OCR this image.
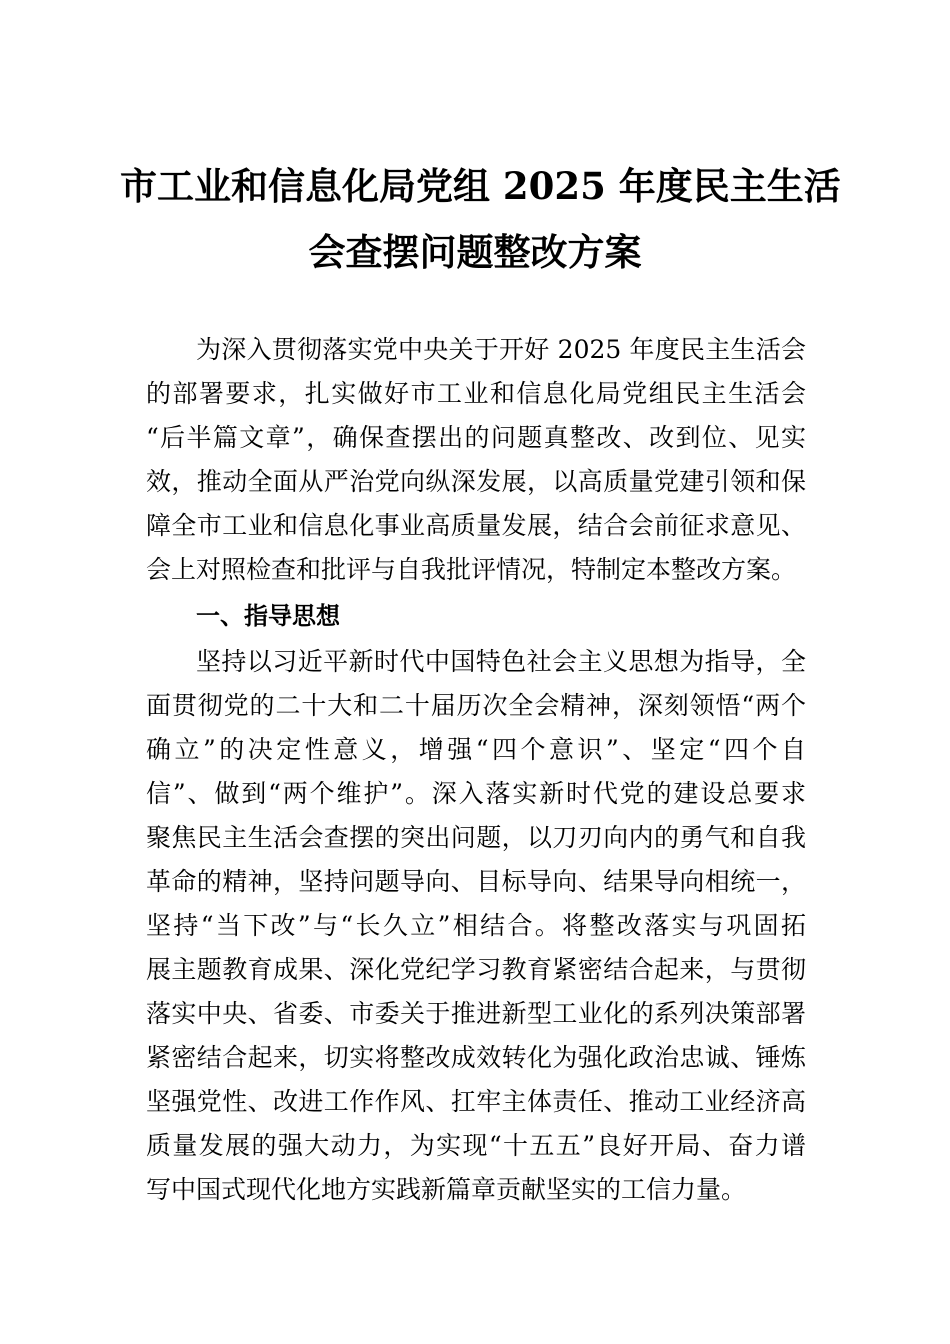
市工业和信息化局党组 2025 年度民主生活
会查摆问题整改方案
为深入贯彻落实党中央关于开好 2025 年度民主生活会
的部署要求，扎实做好市工业和信息化局党组民主生活会
“后半篇文章”，确保查摆出的问题真整改、改到位、见实
效，推动全面从严治党向纵深发展，以高质量党建引领和保
障全市工业和信息化事业高质量发展，结合会前征求意见、
会上对照检查和批评与自我批评情况，特制定本整改方案。
一、指导思想
坚持以习近平新时代中国特色社会主义思想为指导，全
面贯彻党的二十大和二十届历次全会精神，深刻领悟“两个
确立”的决定性意义，增强“四个意识”、坚定“四个自
信”、做到“两个维护”。深入落实新时代党的建设总要求
聚焦民主生活会查摆的突出问题，以刀刃向内的勇气和自我
革命的精神，坚持问题导向、目标导向、结果导向相统一，
坚持“当下改”与“长久立”相结合。将整改落实与巩固拓
展主题教育成果、深化党纪学习教育紧密结合起来，与贯彻
落实中央、省委、市委关于推进新型工业化的系列决策部署
紧密结合起来，切实将整改成效转化为强化政治忠诚、锤炼
坚强党性、改进工作作风、扛牢主体责任、推动工业经济高
质量发展的强大动力，为实现“十五五”良好开局、奋力谱
写中国式现代化地方实践新篇章贡献坚实的工信力量。
